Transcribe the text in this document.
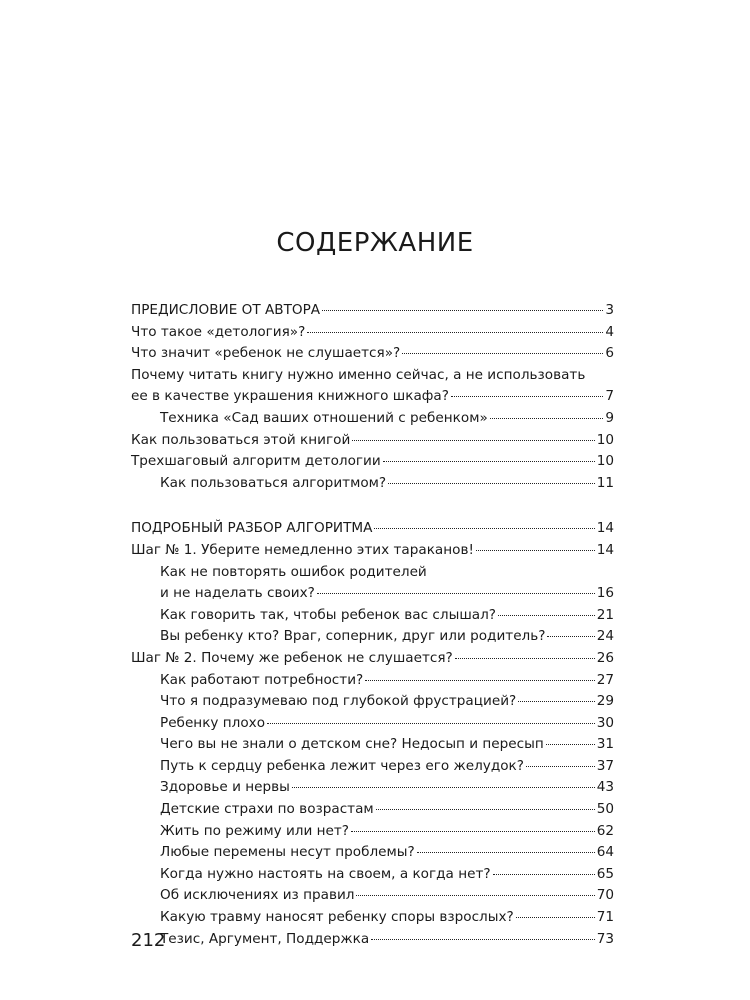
СОДЕРЖАНИЕ
ПРЕДИСЛОВИЕ ОТ АВТОРА	3
Что такое «детология»?	4
Что значит «ребенок не слушается»?	6
Почему читать книгу нужно именно сейчас, а не использовать
ее в качестве украшения книжного шкафа?	7
Техника «Сад ваших отношений с ребенком»	9
Как пользоваться этой книгой	10
Трехшаговый алгоритм детологии	10
Как пользоваться алгоритмом?	11
ПОДРОБНЫЙ РАЗБОР АЛГОРИТМА	14
Шаг № 1. Уберите немедленно этих тараканов!	14
Как не повторять ошибок родителей
и не наделать своих?	16
Как говорить так, чтобы ребенок вас слышал?	21
Вы ребенку кто? Враг, соперник, друг или родитель?	24
Шаг № 2. Почему же ребенок не слушается?	26
Как работают потребности?	27
Что я подразумеваю под глубокой фрустрацией?	29
Ребенку плохо	30
Чего вы не знали о детском сне? Недосып и пересып	31
Путь к сердцу ребенка лежит через его желудок?	37
Здоровье и нервы	43
Детские страхи по возрастам	50
Жить по режиму или нет?	62
Любые перемены несут проблемы?	64
Когда нужно настоять на своем, а когда нет?	65
Об исключениях из правил	70
Какую травму наносят ребенку споры взрослых?	71
Тезис, Аргумент, Поддержка	73
212
